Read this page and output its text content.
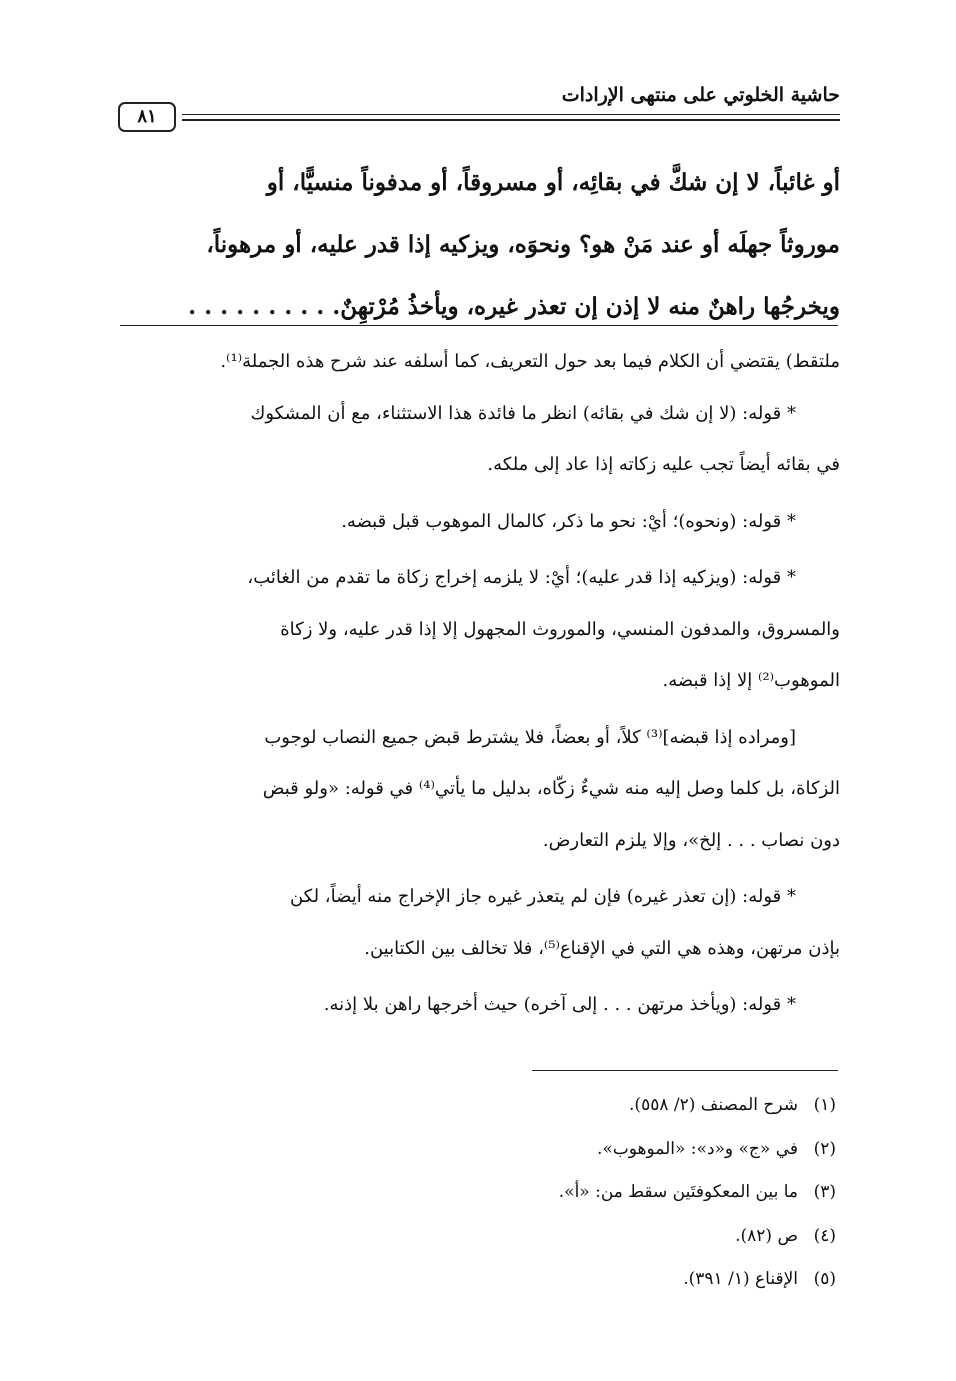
حاشية الخلوتي على منتهى الإرادات
٨١

أو غائباً، لا إن شكَّ في بقائِه، أو مسروقاً، أو مدفوناً منسيًّا، أو

موروثاً جهلَه أو عند مَنْ هو؟ ونحوَه، ويزكيه إذا قدر عليه، أو مرهوناً،

ويخرجُها راهنٌ منه لا إذن إن تعذر غيره، ويأخذُ مُرْتهِنٌ. . . . . . . . . .

ملتقط) يقتضي أن الكلام فيما بعد حول التعريف، كما أسلفه عند شرح هذه الجملة⁽¹⁾.

* قوله: (لا إن شك في بقائه) انظر ما فائدة هذا الاستثناء، مع أن المشكوك

في بقائه أيضاً تجب عليه زكاته إذا عاد إلى ملكه.

* قوله: (ونحوه)؛ أيْ: نحو ما ذكر، كالمال الموهوب قبل قبضه.

* قوله: (ويزكيه إذا قدر عليه)؛ أيْ: لا يلزمه إخراج زكاة ما تقدم من الغائب،

والمسروق، والمدفون المنسي، والموروث المجهول إلا إذا قدر عليه، ولا زكاة

الموهوب⁽²⁾ إلا إذا قبضه.

[ومراده إذا قبضه]⁽³⁾ كلاً، أو بعضاً، فلا يشترط قبض جميع النصاب لوجوب

الزكاة، بل كلما وصل إليه منه شيءٌ زكّاه، بدليل ما يأتي⁽⁴⁾ في قوله: «ولو قبض

دون نصاب . . . إلخ»، وإلا يلزم التعارض.

* قوله: (إن تعذر غيره) فإن لم يتعذر غيره جاز الإخراج منه أيضاً، لكن

بإذن مرتهن، وهذه هي التي في الإقناع⁽⁵⁾، فلا تخالف بين الكتابين.

* قوله: (ويأخذ مرتهن . . . إلى آخره) حيث أخرجها راهن بلا إذنه.

(١)شرح المصنف (٢/ ٥٥٨).

(٢)في «ج» و«د»: «الموهوب».

(٣)ما بين المعكوفتَين سقط من: «أ».

(٤)ص (٨٢).

(٥)الإقناع (١/ ٣٩١).
